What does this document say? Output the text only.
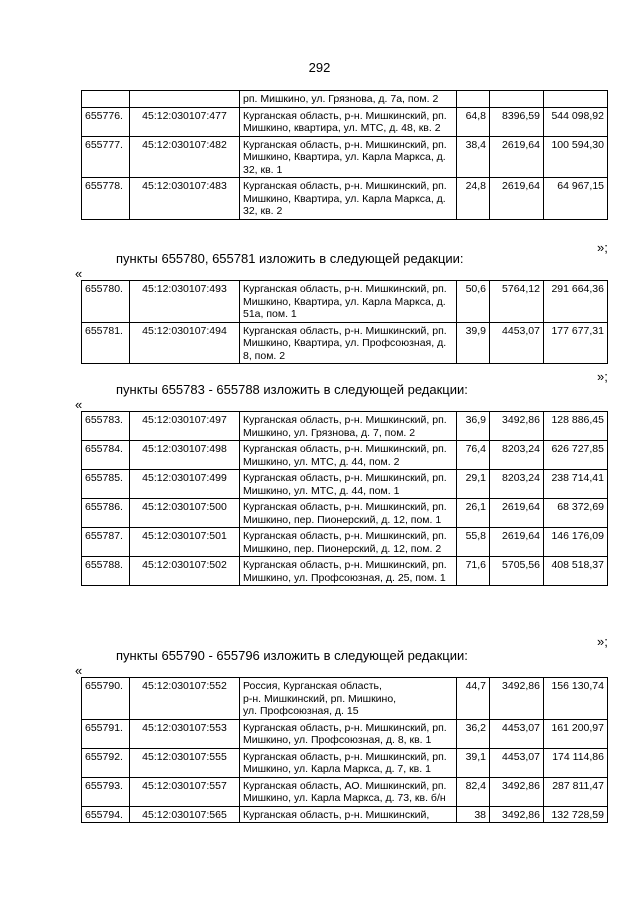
292
		рп. Мишкино, ул. Грязнова, д. 7а, пом. 2			
655776.	45:12:030107:477	Курганская область, р-н. Мишкинский, рп. Мишкино, квартира, ул. МТС, д. 48, кв. 2	64,8	8396,59	544 098,92
655777.	45:12:030107:482	Курганская область, р-н. Мишкинский, рп. Мишкино, Квартира, ул. Карла Маркса, д. 32, кв. 1	38,4	2619,64	100 594,30
655778.	45:12:030107:483	Курганская область, р-н. Мишкинский, рп. Мишкино, Квартира, ул. Карла Маркса, д. 32, кв. 2	24,8	2619,64	64 967,15
»;
пункты 655780, 655781 изложить в следующей редакции:
«
655780.	45:12:030107:493	Курганская область, р-н. Мишкинский, рп. Мишкино, Квартира, ул. Карла Маркса, д. 51а, пом. 1	50,6	5764,12	291 664,36
655781.	45:12:030107:494	Курганская область, р-н. Мишкинский, рп. Мишкино, Квартира, ул. Профсоюзная, д. 8, пом. 2	39,9	4453,07	177 677,31
»;
пункты 655783 - 655788 изложить в следующей редакции:
«
655783.	45:12:030107:497	Курганская область, р-н. Мишкинский, рп. Мишкино, ул. Грязнова, д. 7, пом. 2	36,9	3492,86	128 886,45
655784.	45:12:030107:498	Курганская область, р-н. Мишкинский, рп. Мишкино, ул. МТС, д. 44, пом. 2	76,4	8203,24	626 727,85
655785.	45:12:030107:499	Курганская область, р-н. Мишкинский, рп. Мишкино, ул. МТС, д. 44, пом. 1	29,1	8203,24	238 714,41
655786.	45:12:030107:500	Курганская область, р-н. Мишкинский, рп. Мишкино, пер. Пионерский, д. 12, пом. 1	26,1	2619,64	68 372,69
655787.	45:12:030107:501	Курганская область, р-н. Мишкинский, рп. Мишкино, пер. Пионерский, д. 12, пом. 2	55,8	2619,64	146 176,09
655788.	45:12:030107:502	Курганская область, р-н. Мишкинский, рп. Мишкино, ул. Профсоюзная, д. 25, пом. 1	71,6	5705,56	408 518,37
»;
пункты 655790 - 655796 изложить в следующей редакции:
«
655790.	45:12:030107:552	Россия, Курганская область,
р-н. Мишкинский, рп. Мишкино,
ул. Профсоюзная, д. 15	44,7	3492,86	156 130,74
655791.	45:12:030107:553	Курганская область, р-н. Мишкинский, рп. Мишкино, ул. Профсоюзная, д. 8, кв. 1	36,2	4453,07	161 200,97
655792.	45:12:030107:555	Курганская область, р-н. Мишкинский, рп. Мишкино, ул. Карла Маркса, д. 7, кв. 1	39,1	4453,07	174 114,86
655793.	45:12:030107:557	Курганская область, АО. Мишкинский, рп. Мишкино, ул. Карла Маркса, д. 73, кв. б/н	82,4	3492,86	287 811,47
655794.	45:12:030107:565	Курганская область, р-н. Мишкинский,	38	3492,86	132 728,59
